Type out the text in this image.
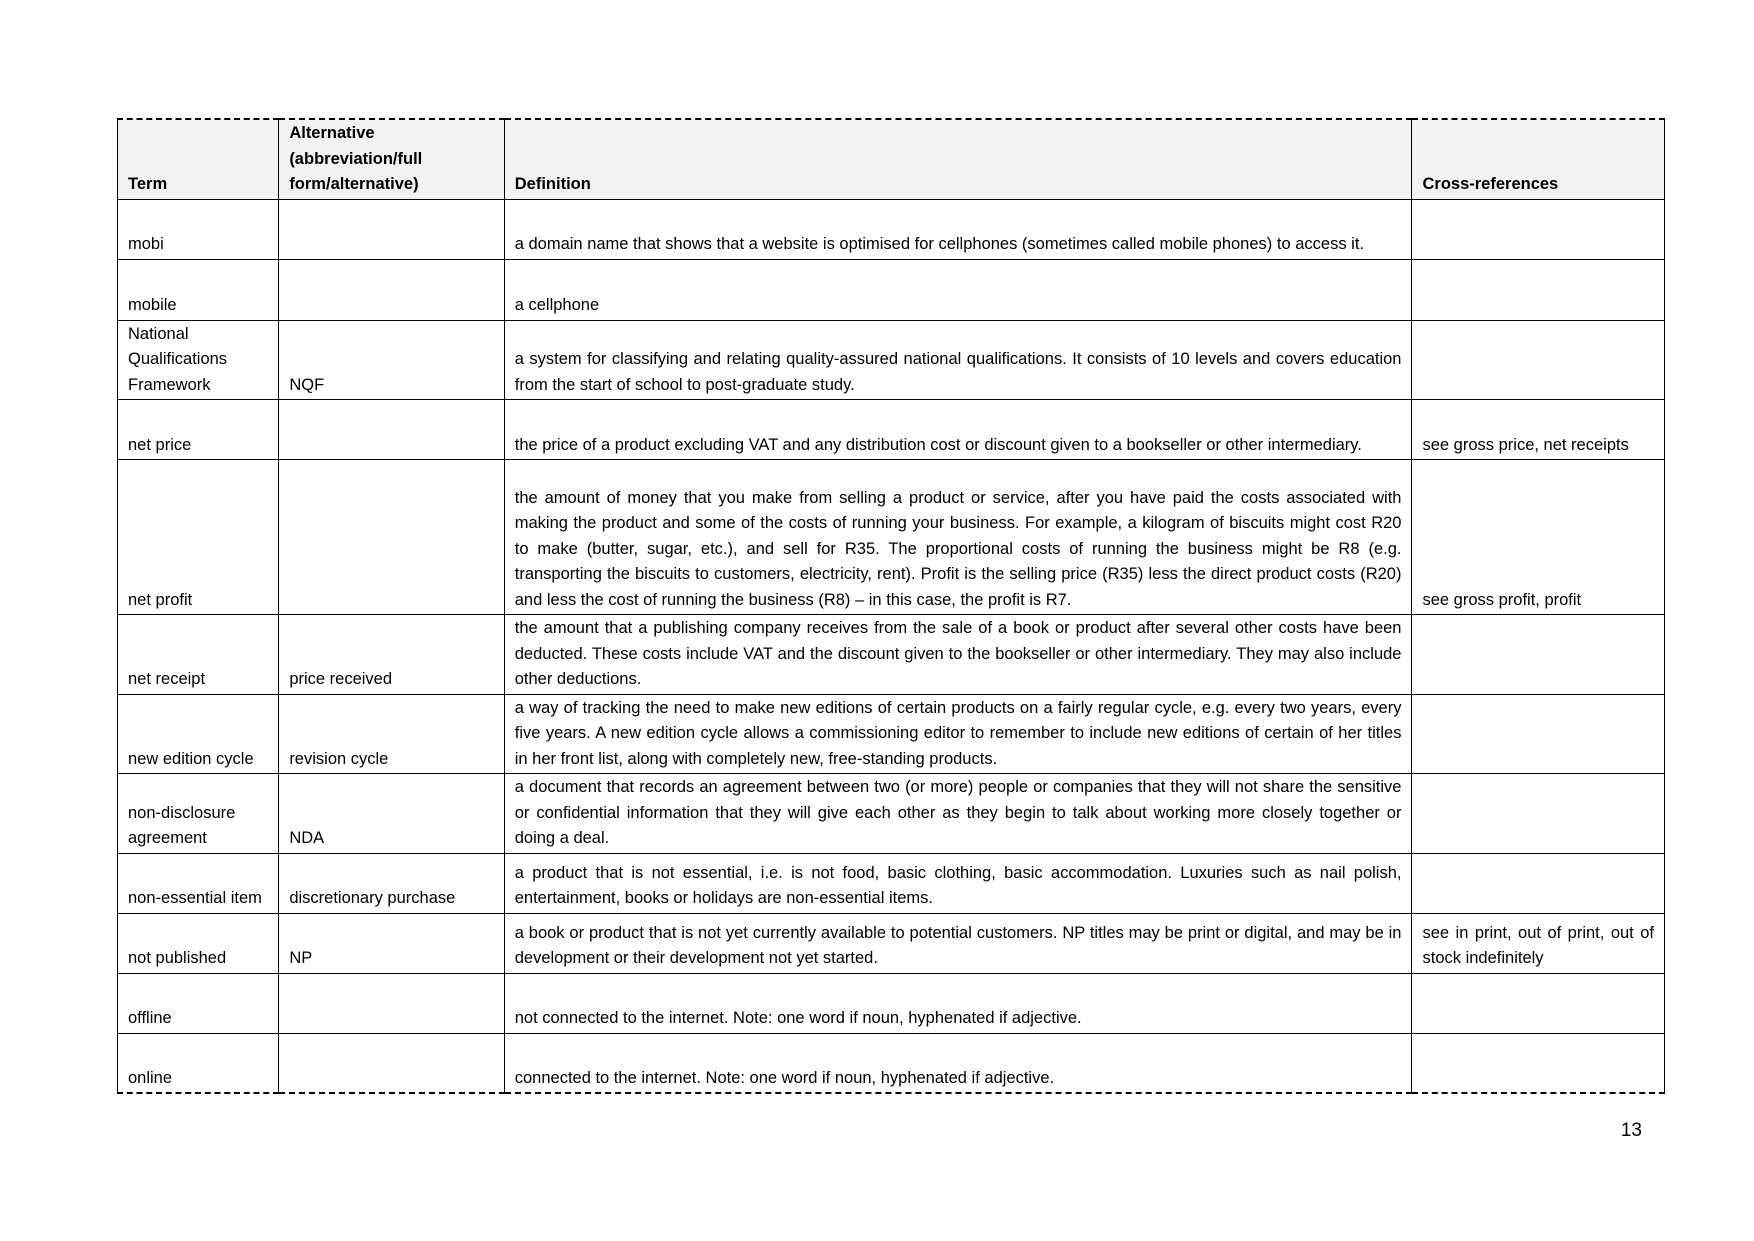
Term	Alternative (abbreviation/full form/alternative)	Definition	Cross-references
mobi		a domain name that shows that a website is optimised for cellphones (sometimes called mobile phones) to access it.	
mobile		a cellphone	
National Qualifications Framework	NQF	a system for classifying and relating quality-assured national qualifications. It consists of 10 levels and covers education from the start of school to post-graduate study.	
net price		the price of a product excluding VAT and any distribution cost or discount given to a bookseller or other intermediary.	see gross price, net receipts
net profit		the amount of money that you make from selling a product or service, after you have paid the costs associated with making the product and some of the costs of running your business. For example, a kilogram of biscuits might cost R20 to make (butter, sugar, etc.), and sell for R35. The proportional costs of running the business might be R8 (e.g. transporting the biscuits to customers, electricity, rent). Profit is the selling price (R35) less the direct product costs (R20) and less the cost of running the business (R8) – in this case, the profit is R7.	see gross profit, profit
net receipt	price received	the amount that a publishing company receives from the sale of a book or product after several other costs have been deducted. These costs include VAT and the discount given to the bookseller or other intermediary. They may also include other deductions.	
new edition cycle	revision cycle	a way of tracking the need to make new editions of certain products on a fairly regular cycle, e.g. every two years, every five years. A new edition cycle allows a commissioning editor to remember to include new editions of certain of her titles in her front list, along with completely new, free-standing products.	
non-disclosure agreement	NDA	a document that records an agreement between two (or more) people or companies that they will not share the sensitive or confidential information that they will give each other as they begin to talk about working more closely together or doing a deal.	
non-essential item	discretionary purchase	a product that is not essential, i.e. is not food, basic clothing, basic accommodation. Luxuries such as nail polish, entertainment, books or holidays are non-essential items.	
not published	NP	a book or product that is not yet currently available to potential customers. NP titles may be print or digital, and may be in development or their development not yet started.	see in print, out of print, out of stock indefinitely
offline		not connected to the internet. Note: one word if noun, hyphenated if adjective.	
online		connected to the internet. Note: one word if noun, hyphenated if adjective.	
13
